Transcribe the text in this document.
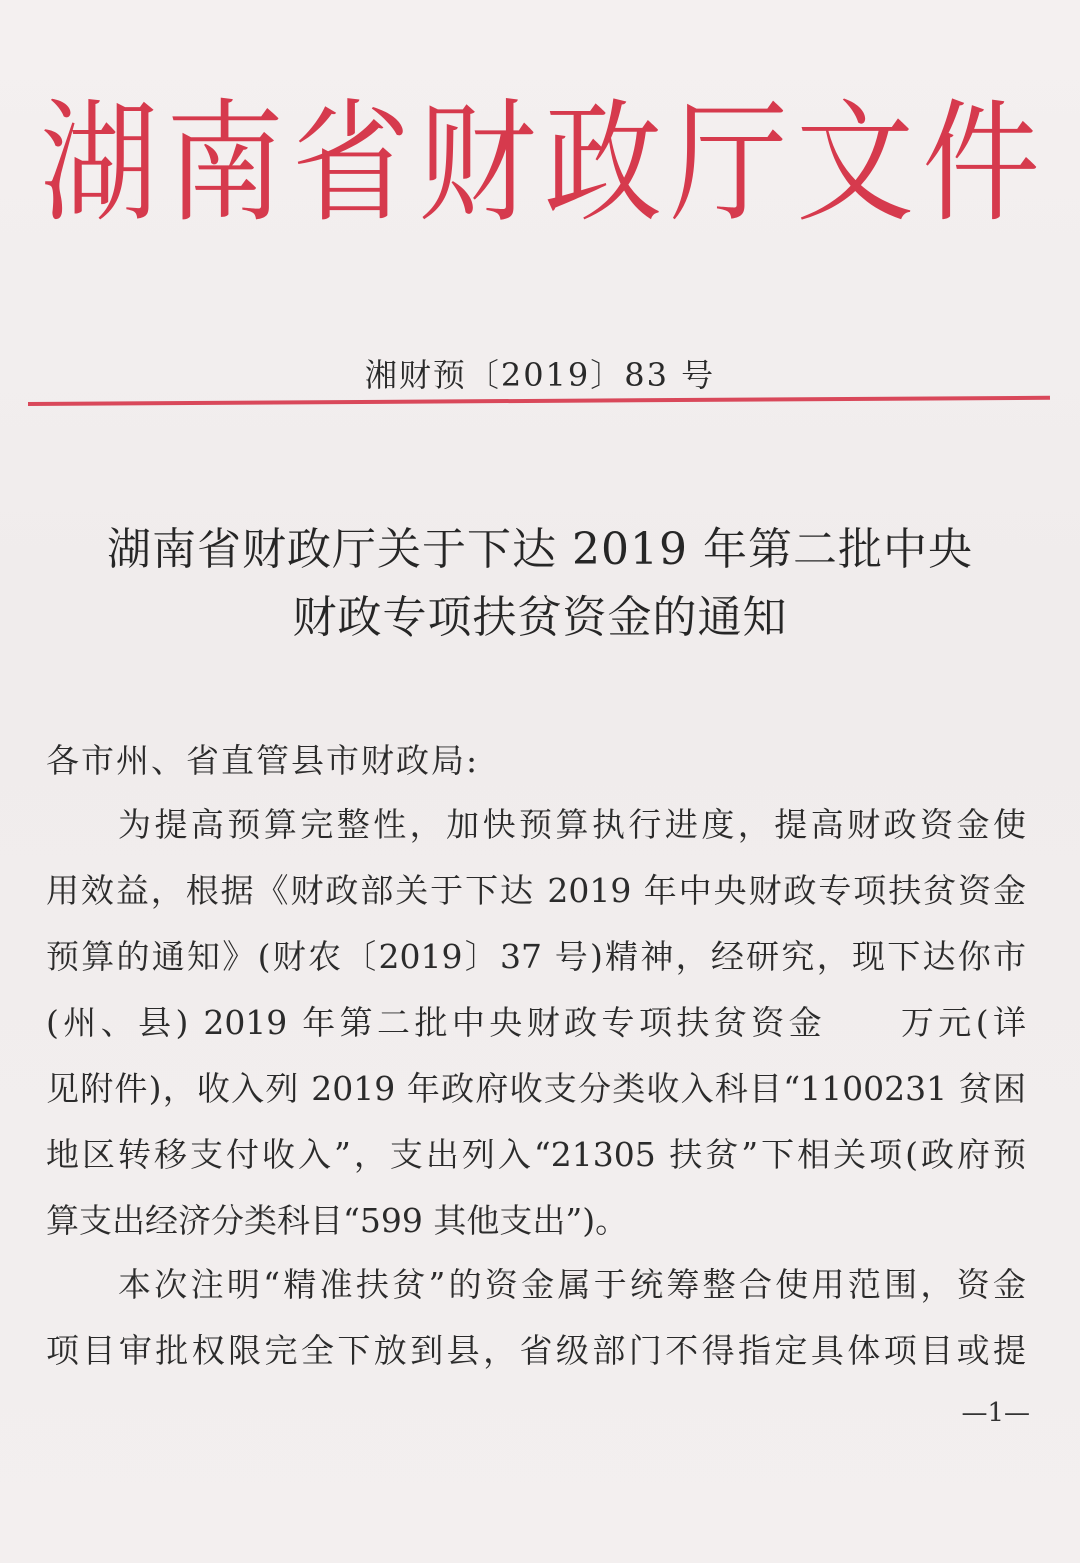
湖 南 省 财 政 厅 文 件
湘财预〔2019〕83 号
湖南省财政厅关于下达 2019 年第二批中央
财政专项扶贫资金的通知
各市州、省直管县市财政局:
为提高预算完整性，加快预算执行进度，提高财政资金使
用效益，根据《财政部关于下达 2019 年中央财政专项扶贫资金
预算的通知》(财农〔2019〕37 号)精神，经研究，现下达你市
(州、县) 2019 年第二批中央财政专项扶贫资金　　万元(详
见附件)，收入列 2019 年政府收支分类收入科目“1100231 贫困
地区转移支付收入”，支出列入“21305 扶贫”下相关项(政府预
算支出经济分类科目“599 其他支出”)。
本次注明“精准扶贫”的资金属于统筹整合使用范围，资金
项目审批权限完全下放到县，省级部门不得指定具体项目或提
—1—
